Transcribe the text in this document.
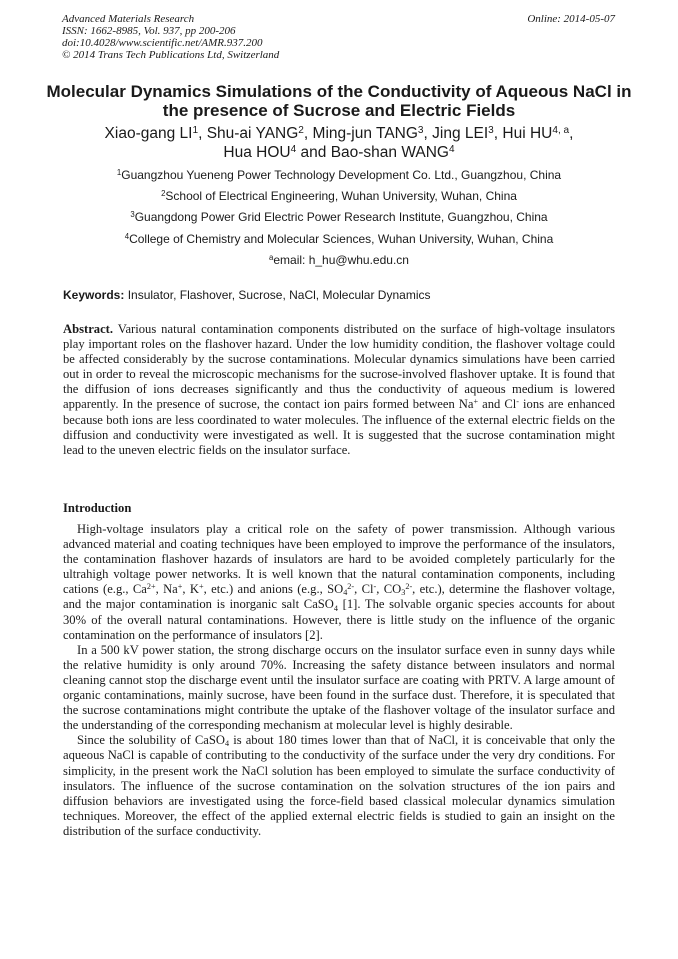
Advanced Materials Research
ISSN: 1662-8985, Vol. 937, pp 200-206
doi:10.4028/www.scientific.net/AMR.937.200
© 2014 Trans Tech Publications Ltd, Switzerland
Online: 2014-05-07
Molecular Dynamics Simulations of the Conductivity of Aqueous NaCl in
the presence of Sucrose and Electric Fields
Xiao-gang $LI^1$, Shu-ai YANG$^2$, Ming-jun TANG$^3$, Jing LEI$^3$, Hui HU$^{4, a}$,
Hua HOU$^4$ and Bao-shan WANG$^4$
$^1$Guangzhou Yueneng Power Technology Development Co. Ltd., Guangzhou, China
$^2$School of Electrical Engineering, Wuhan University, Wuhan, China
$^3$Guangdong Power Grid Electric Power Research Institute, Guangzhou, China
$^4$College of Chemistry and Molecular Sciences, Wuhan University, Wuhan, China
$^a$email: h_hu@whu.edu.cn
Keywords: Insulator, Flashover, Sucrose, NaCl, Molecular Dynamics
Abstract. Various natural contamination components distributed on the surface of high-voltage insulators play important roles on the flashover hazard. Under the low humidity condition, the flashover voltage could be affected considerably by the sucrose contaminations. Molecular dynamics simulations have been carried out in order to reveal the microscopic mechanisms for the sucrose-involved flashover uptake. It is found that the diffusion of ions decreases significantly and thus the conductivity of aqueous medium is lowered apparently. In the presence of sucrose, the contact ion pairs formed between Na+ and Cl- ions are enhanced because both ions are less coordinated to water molecules. The influence of the external electric fields on the diffusion and conductivity were investigated as well. It is suggested that the sucrose contamination might lead to the uneven electric fields on the insulator surface.
Introduction

High-voltage insulators play a critical role on the safety of power transmission. Although various advanced material and coating techniques have been employed to improve the performance of the insulators, the contamination flashover hazards of insulators are hard to be avoided completely particularly for the ultrahigh voltage power networks. It is well known that the natural contamination components, including cations (e.g., $Ca^{2+}$, Na+, K+, etc.) and anions (e.g., $SO_4^{2-}$, Cl-, $CO_3^{2-}$, etc.), determine the flashover voltage, and the major contamination is inorganic salt CaSO$_4$ [1]. The solvable organic species accounts for about 30% of the overall natural contaminations. However, there is little study on the influence of the organic contamination on the performance of insulators [2].

In a 500 kV power station, the strong discharge occurs on the insulator surface even in sunny days while the relative humidity is only around 70%. Increasing the safety distance between insulators and normal cleaning cannot stop the discharge event until the insulator surface are coating with PRTV. A large amount of organic contaminations, mainly sucrose, have been found in the surface dust. Therefore, it is speculated that the sucrose contaminations might contribute the uptake of the flashover voltage of the insulator surface and the understanding of the corresponding mechanism at molecular level is highly desirable.

Since the solubility of CaSO$_4$ is about 180 times lower than that of NaCl, it is conceivable that only the aqueous NaCl is capable of contributing to the conductivity of the surface under the very dry conditions. For simplicity, in the present work the NaCl solution has been employed to simulate the surface conductivity of insulators. The influence of the sucrose contamination on the solvation structures of the ion pairs and diffusion behaviors are investigated using the force-field based classical molecular dynamics simulation techniques. Moreover, the effect of the applied external electric fields is studied to gain an insight on the distribution of the surface conductivity.
